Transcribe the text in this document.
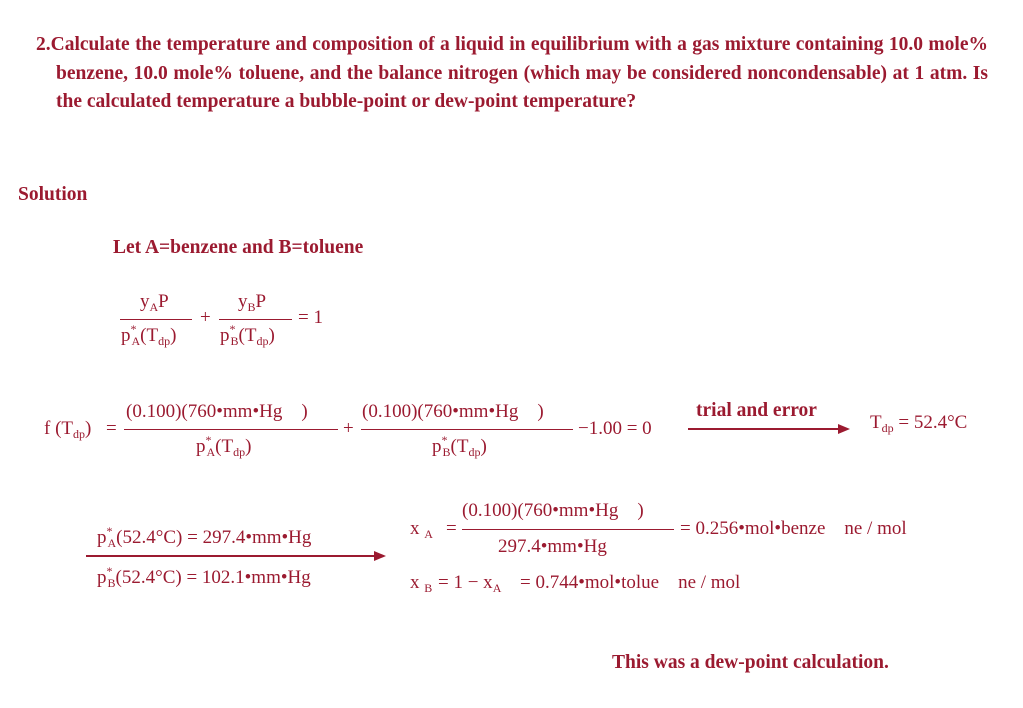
2.Calculate the temperature and composition of a liquid in equilibrium with a gas mixture containing 10.0 mole% benzene, 10.0 mole% toluene, and the balance nitrogen (which may be considered noncondensable) at 1 atm. Is the calculated temperature a bubble-point or dew-point temperature?
Solution
Let A=benzene and B=toluene
$y_AP$
$p^*_A(T_{dp})$
+
$y_BP$
$p^*_B(T_{dp})$
= 1
f $(T_{dp})$ =
(0.100)(760•mm•Hg )
$p^*_A(T_{dp})$
+
(0.100)(760•mm•Hg )
$p^*_B(T_{dp})$
−1.00 = 0
trial and error
$T_{dp} = 52.4^\circ C$
$p^*_A(52.4^\circ C)$ = 297.4•mm•Hg
$p^*_B(52.4^\circ C)$ = 102.1•mm•Hg
x $_A$ =
(0.100)(760•mm•Hg )
297.4•mm•Hg
= 0.256•mol•benze ne / mol
x $_B = 1 - x_A$ = 0.744•mol•tolue ne / mol
This was a dew-point calculation.
